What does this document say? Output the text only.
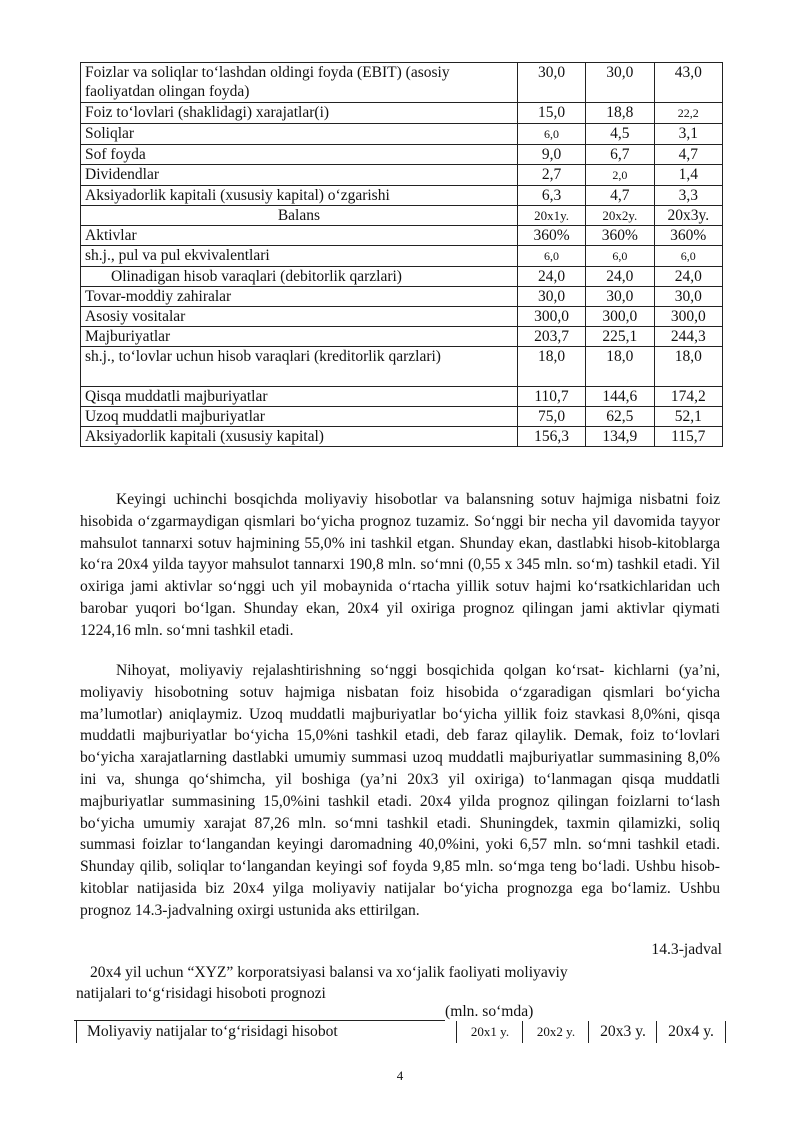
Foizlar va soliqlar to‘lashdan oldingi foyda (EBIT) (asosiy faoliyatdan olingan foyda)	30,0	30,0	43,0
Foiz to‘lovlari (shaklidagi) xarajatlar(i)	15,0	18,8	22,2
Soliqlar	6,0	4,5	3,1
Sof foyda	9,0	6,7	4,7
Dividendlar	2,7	2,0	1,4
Aksiyadorlik kapitali (xususiy kapital) o‘zgarishi	6,3	4,7	3,3
Balans	20x1y.	20x2y.	20x3y.
Aktivlar	360%	360%	360%
sh.j., pul va pul ekvivalentlari	6,0	6,0	6,0
Olinadigan hisob varaqlari (debitorlik qarzlari)	24,0	24,0	24,0
Tovar-moddiy zahiralar	30,0	30,0	30,0
Asosiy vositalar	300,0	300,0	300,0
Majburiyatlar	203,7	225,1	244,3
sh.j., to‘lovlar uchun hisob varaqlari (kreditorlik qarzlari)	18,0	18,0	18,0
Qisqa muddatli majburiyatlar	110,7	144,6	174,2
Uzoq muddatli majburiyatlar	75,0	62,5	52,1
Aksiyadorlik kapitali (xususiy kapital)	156,3	134,9	115,7

Keyingi uchinchi bosqichda moliyaviy hisobotlar va balansning sotuv hajmiga nisbatni foiz hisobida o‘zgarmaydigan qismlari bo‘yicha prognoz tuzamiz. So‘nggi bir necha yil davomida tayyor mahsulot tannarxi sotuv hajmining 55,0% ini tashkil etgan. Shunday ekan, dastlabki hisob-kitoblarga ko‘ra 20x4 yilda tayyor mahsulot tannarxi 190,8 mln. so‘mni (0,55 x 345 mln. so‘m) tashkil etadi. Yil oxiriga jami aktivlar so‘nggi uch yil mobaynida o‘rtacha yillik sotuv hajmi ko‘rsatkichlaridan uch barobar yuqori bo‘lgan. Shunday ekan, 20x4 yil oxiriga prognoz qilingan jami aktivlar qiymati 1224,16 mln. so‘mni tashkil etadi.

Nihoyat, moliyaviy rejalashtirishning so‘nggi bosqichida qolgan ko‘rsat- kichlarni (ya’ni, moliyaviy hisobotning sotuv hajmiga nisbatan foiz hisobida o‘zgaradigan qismlari bo‘yicha ma’lumotlar) aniqlaymiz. Uzoq muddatli majburiyatlar bo‘yicha yillik foiz stavkasi 8,0%ni, qisqa muddatli majburiyatlar bo‘yicha 15,0%ni tashkil etadi, deb faraz qilaylik. Demak, foiz to‘lovlari bo‘yicha xarajatlarning dastlabki umumiy summasi uzoq muddatli majburiyatlar summasining 8,0% ini va, shunga qo‘shimcha, yil boshiga (ya’ni 20x3 yil oxiriga) to‘lanmagan qisqa muddatli majburiyatlar summasining 15,0%ini tashkil etadi. 20x4 yilda prognoz qilingan foizlarni to‘lash bo‘yicha umumiy xarajat 87,26 mln. so‘mni tashkil etadi. Shuningdek, taxmin qilamizki, soliq summasi foizlar to‘langandan keyingi daromadning 40,0%ini, yoki 6,57 mln. so‘mni tashkil etadi. Shunday qilib, soliqlar to‘langandan keyingi sof foyda 9,85 mln. so‘mga teng bo‘ladi. Ushbu hisob-kitoblar natijasida biz 20x4 yilga moliyaviy natijalar bo‘yicha prognozga ega bo‘lamiz. Ushbu prognoz 14.3-jadvalning oxirgi ustunida aks ettirilgan.

14.3-jadval

20x4 yil uchun “XYZ” korporatsiyasi balansi va xo‘jalik faoliyati moliyaviy
natijalari to‘g‘risidagi hisoboti prognozi

(mln. so‘mda)
Moliyaviy natijalar to‘g‘risidagi hisobot	20x1 y.	20x2 y.	20x3 y.	20x4 y.
4
